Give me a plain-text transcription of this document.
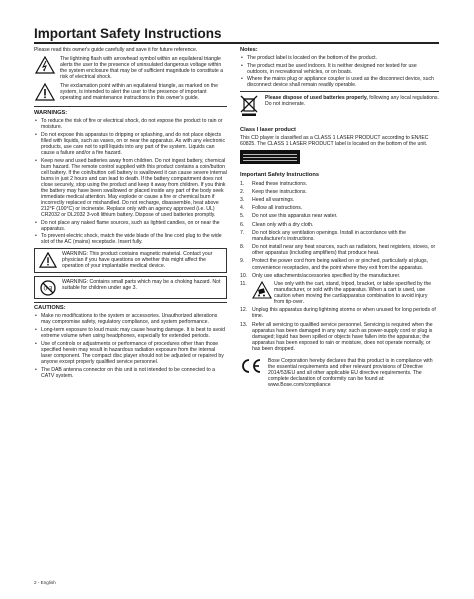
Important Safety Instructions

Please read this owner's guide carefully and save it for future reference.

The lightning flash with arrowhead symbol within an equilateral triangle alerts the user to the presence of uninsulated dangerous voltage within the system enclosure that may be of sufficient magnitude to constitute a risk of electrical shock.
The exclamation point within an equilateral triangle, as marked on the system, is intended to alert the user to the presence of important operating and maintenance instructions in this owner's guide.
WARNINGS:
• To reduce the risk of fire or electrical shock, do not expose the product to rain or moisture.
• Do not expose this apparatus to dripping or splashing, and do not place objects filled with liquids, such as vases, on or near the apparatus. As with any electronic products, use care not to spill liquids into any part of the system. Liquids can cause a failure and/or a fire hazard.
• Keep new and used batteries away from children. Do not ingest battery, chemical burn hazard. The remote control supplied with this product contains a coin/button cell battery. If the coin/button cell battery is swallowed it can cause severe internal burns in just 2 hours and can lead to death. If the battery compartment does not close securely, stop using the product and keep it away from children. If you think the battery may have been swallowed or placed inside any part of the body seek immediate medical attention. May explode or cause a fire or chemical burn if incorrectly replaced or mishandled. Do not recharge, disassemble, heat above 212°F (100°C) or incinerate. Replace only with an agency approved (i.e. UL) CR2032 or DL2032 3-volt lithium battery. Dispose of used batteries promptly.
• Do not place any naked flame sources, such as lighted candles, on or near the apparatus.
• To prevent electric shock, match the wide blade of the line cord plug to the wide slot of the AC (mains) receptacle. Insert fully.
WARNING: This product contains magnetic material. Contact your physician if you have questions on whether this might affect the operation of your implantable medical device.
0-3
WARNING: Contains small parts which may be a choking hazard. Not suitable for children under age 3.
CAUTIONS:
• Make no modifications to the system or accessories. Unauthorized alterations may compromise safety, regulatory compliance, and system performance.
• Long-term exposure to loud music may cause hearing damage. It is best to avoid extreme volume when using headphones, especially for extended periods.
• Use of controls or adjustments or performance of procedures other than those specified herein may result in hazardous radiation exposure from the internal laser component. The compact disc player should not be adjusted or repaired by anyone except properly qualified service personnel.
• The DAB antenna connector on this unit is not intended to be connected to a CATV system.
Notes:
• The product label is located on the bottom of the product.
• The product must be used indoors. It is neither designed nor tested for use outdoors, in recreational vehicles, or on boats.
• Where the mains plug or appliance coupler is used as the disconnect device, such disconnect device shall remain readily operable.
Please dispose of used batteries properly, following any local regulations. Do not incinerate.
Class I laser product

This CD player is classified as a CLASS 1 LASER PRODUCT according to EN/IEC 60825. The CLASS 1 LASER PRODUCT label is located on the bottom of the unit.

Important Safety Instructions
1.	Read these instructions.
2.	Keep these instructions.
3.	Heed all warnings.
4.	Follow all instructions.
5.	Do not use this apparatus near water.
6.	Clean only with a dry cloth.
7.	Do not block any ventilation openings. Install in accordance with the manufacturer's instructions.
8.	Do not install near any heat sources, such as radiators, heat registers, stoves, or other apparatus (including amplifiers) that produce heat.
9.	Protect the power cord from being walked on or pinched, particularly at plugs, convenience receptacles, and the point where they exit from the apparatus.
10. Only use attachments/accessories specified by the manufacturer.
11.	Use only with the cart, stand, tripod, bracket, or table specified by the manufacturer, or sold with the apparatus. When a cart is used, use caution when moving the cart/apparatus combination to avoid injury from tip-over.
12. Unplug this apparatus during lightning storms or when unused for long periods of time.
13. Refer all servicing to qualified service personnel. Servicing is required when the apparatus has been damaged in any way: such as power-supply cord or plug is damaged; liquid has been spilled or objects have fallen into the apparatus; the apparatus has been exposed to rain or moisture, does not operate normally, or has been dropped.
Bose Corporation hereby declares that this product is in compliance with the essential requirements and other relevant provisions of Directive 2014/53/EU and all other applicable EU directive requirements. The complete declaration of conformity can be found at: www.Bose.com/compliance
2 - English
